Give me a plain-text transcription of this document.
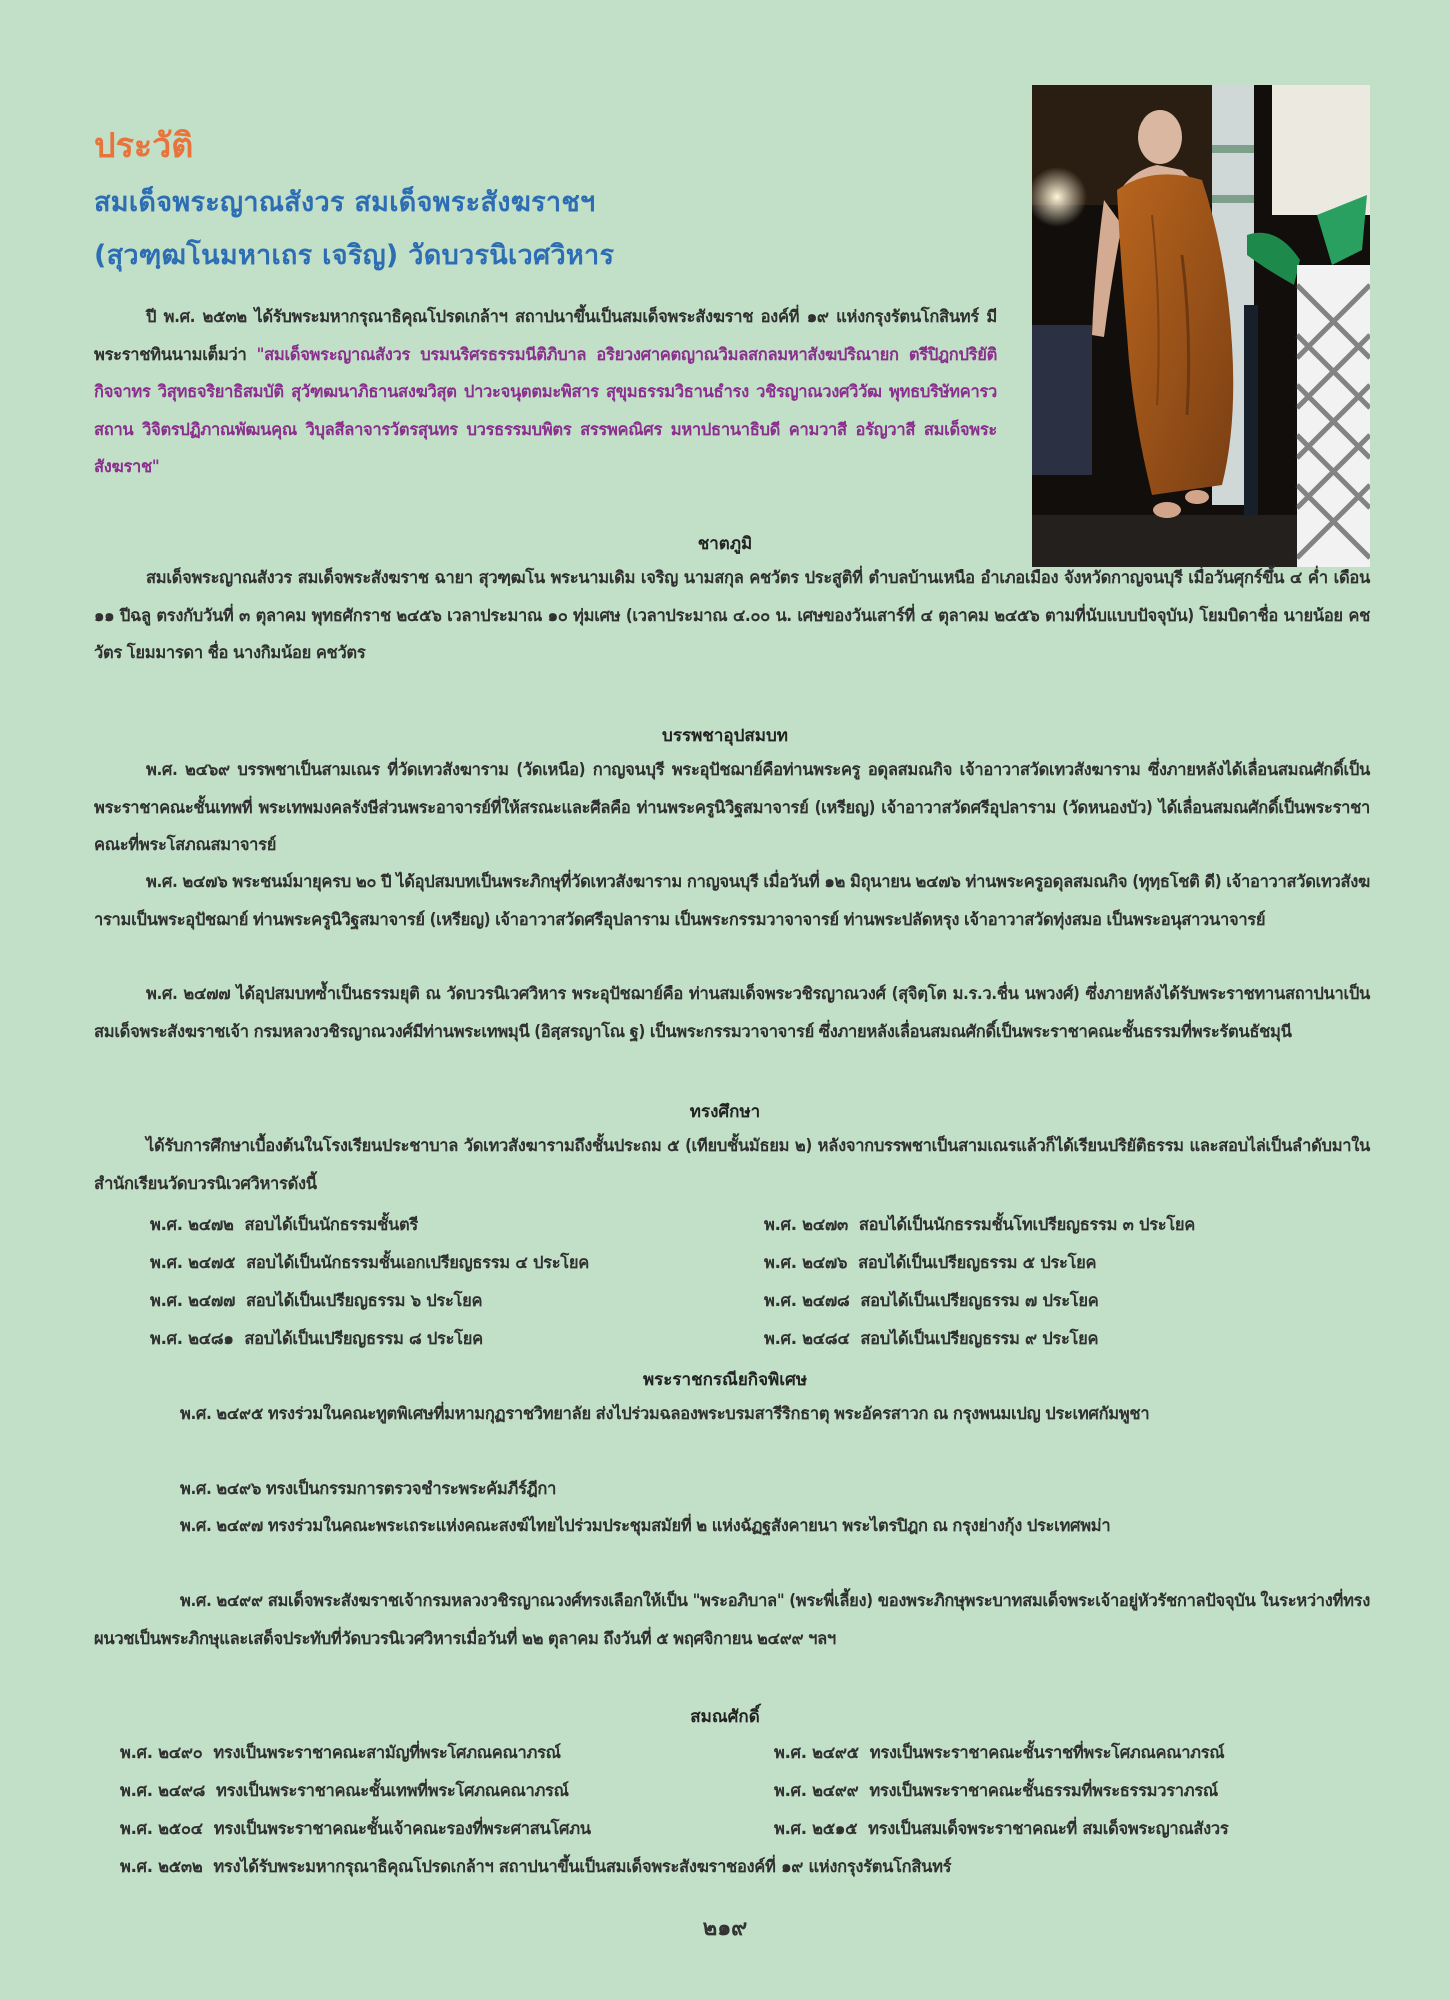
ประวัติ
สมเด็จพระญาณสังวร สมเด็จพระสังฆราชฯ
(สุวฑฺฒโนมหาเถร เจริญ) วัดบวรนิเวศวิหาร
ปี พ.ศ. ๒๕๓๒ ได้รับพระมหากรุณาธิคุณโปรดเกล้าฯ สถาปนาขึ้นเป็นสมเด็จพระสังฆราช องค์ที่ ๑๙ แห่งกรุงรัตนโกสินทร์ มีพระราชทินนามเต็มว่า "สมเด็จพระญาณสังวร บรมนริศรธรรมนีติภิบาล อริยวงศาคตญาณวิมลสกลมหาสังฆปริณายก ตรีปิฎกปริยัติกิจจาทร วิสุทธจริยาธิสมบัติ สุวัฑฒนาภิธานสงฆวิสุต ปาวะจนุตตมะพิสาร สุขุมธรรมวิธานธำรง วชิรญาณวงศวิวัฒ พุทธบริษัทคารวสถาน วิจิตรปฏิภาณพัฒนคุณ วิบุลสีลาจารวัตรสุนทร บวรธรรมบพิตร สรรพคณิศร มหาปธานาธิบดี คามวาสี อรัญวาสี สมเด็จพระสังฆราช"
ชาตภูมิ
สมเด็จพระญาณสังวร สมเด็จพระสังฆราช ฉายา สุวฑฺฒโน พระนามเดิม เจริญ นามสกุล คชวัตร ประสูติที่ ตำบลบ้านเหนือ อำเภอเมือง จังหวัดกาญจนบุรี เมื่อวันศุกร์ขึ้น ๔ ค่ำ เดือน ๑๑ ปีฉลู ตรงกับวันที่ ๓ ตุลาคม พุทธศักราช ๒๔๕๖ เวลาประมาณ ๑๐ ทุ่มเศษ (เวลาประมาณ ๔.๐๐ น. เศษของวันเสาร์ที่ ๔ ตุลาคม ๒๔๕๖ ตามที่นับแบบปัจจุบัน) โยมบิดาชื่อ นายน้อย คชวัตร โยมมารดา ชื่อ นางกิมน้อย คชวัตร
บรรพชาอุปสมบท
พ.ศ. ๒๔๖๙ บรรพชาเป็นสามเณร ที่วัดเทวสังฆาราม (วัดเหนือ) กาญจนบุรี พระอุปัชฌาย์คือท่านพระครู อดุลสมณกิจ เจ้าอาวาสวัดเทวสังฆาราม ซึ่งภายหลังได้เลื่อนสมณศักดิ์เป็น พระราชาคณะชั้นเทพที่ พระเทพมงคลรังษีส่วนพระอาจารย์ที่ให้สรณะและศีลคือ ท่านพระครูนิวิฐสมาจารย์ (เหรียญ) เจ้าอาวาสวัดศรีอุปลาราม (วัดหนองบัว) ได้เลื่อนสมณศักดิ์เป็นพระราชาคณะที่พระโสภณสมาจารย์
พ.ศ. ๒๔๗๖ พระชนม์มายุครบ ๒๐ ปี ได้อุปสมบทเป็นพระภิกษุที่วัดเทวสังฆาราม กาญจนบุรี เมื่อวันที่ ๑๒ มิถุนายน ๒๔๗๖ ท่านพระครูอดุลสมณกิจ (ทุทฺธโชติ ดี) เจ้าอาวาสวัดเทวสังฆารามเป็นพระอุปัชฌาย์ ท่านพระครูนิวิฐสมาจารย์ (เหรียญ) เจ้าอาวาสวัดศรีอุปลาราม เป็นพระกรรมวาจาจารย์ ท่านพระปลัดหรุง เจ้าอาวาสวัดทุ่งสมอ เป็นพระอนุสาวนาจารย์
พ.ศ. ๒๔๗๗ ได้อุปสมบทซ้ำเป็นธรรมยุติ ณ วัดบวรนิเวศวิหาร พระอุปัชฌาย์คือ ท่านสมเด็จพระวชิรญาณวงศ์ (สุจิตฺโต ม.ร.ว.ชื่น นพวงศ์) ซึ่งภายหลังได้รับพระราชทานสถาปนาเป็นสมเด็จพระสังฆราชเจ้า กรมหลวงวชิรญาณวงศ์มีท่านพระเทพมุนี (อิสฺสรญาโณ ฐ) เป็นพระกรรมวาจาจารย์ ซึ่งภายหลังเลื่อนสมณศักดิ์เป็นพระราชาคณะชั้นธรรมที่พระรัตนธัชมุนี
ทรงศึกษา
ได้รับการศึกษาเบื้องต้นในโรงเรียนประชาบาล วัดเทวสังฆารามถึงชั้นประถม ๕ (เทียบชั้นมัธยม ๒) หลังจากบรรพชาเป็นสามเณรแล้วก็ได้เรียนปริยัติธรรม และสอบไล่เป็นลำดับมาในสำนักเรียนวัดบวรนิเวศวิหารดังนี้
พ.ศ. ๒๔๗๒ สอบได้เป็นนักธรรมชั้นตรี	พ.ศ. ๒๔๗๓ สอบได้เป็นนักธรรมชั้นโทเปรียญธรรม ๓ ประโยค
พ.ศ. ๒๔๗๕ สอบได้เป็นนักธรรมชั้นเอกเปรียญธรรม ๔ ประโยค	พ.ศ. ๒๔๗๖ สอบได้เป็นเปรียญธรรม ๕ ประโยค
พ.ศ. ๒๔๗๗ สอบได้เป็นเปรียญธรรม ๖ ประโยค	พ.ศ. ๒๔๗๘ สอบได้เป็นเปรียญธรรม ๗ ประโยค
พ.ศ. ๒๔๘๑ สอบได้เป็นเปรียญธรรม ๘ ประโยค	พ.ศ. ๒๔๘๔ สอบได้เป็นเปรียญธรรม ๙ ประโยค
พระราชกรณียกิจพิเศษ
พ.ศ. ๒๔๙๕ ทรงร่วมในคณะทูตพิเศษที่มหามกุฏราชวิทยาลัย ส่งไปร่วมฉลองพระบรมสารีริกธาตุ พระอัครสาวก ณ กรุงพนมเปญ ประเทศกัมพูชา
พ.ศ. ๒๔๙๖ ทรงเป็นกรรมการตรวจชำระพระคัมภีร์ฎีกา
พ.ศ. ๒๔๙๗ ทรงร่วมในคณะพระเถระแห่งคณะสงฆ์ไทยไปร่วมประชุมสมัยที่ ๒ แห่งฉัฏฐสังคายนา พระไตรปิฎก ณ กรุงย่างกุ้ง ประเทศพม่า
พ.ศ. ๒๔๙๙ สมเด็จพระสังฆราชเจ้ากรมหลวงวชิรญาณวงศ์ทรงเลือกให้เป็น "พระอภิบาล" (พระพี่เลี้ยง) ของพระภิกษุพระบาทสมเด็จพระเจ้าอยู่หัวรัชกาลปัจจุบัน ในระหว่างที่ทรงผนวชเป็นพระภิกษุและเสด็จประทับที่วัดบวรนิเวศวิหารเมื่อวันที่ ๒๒ ตุลาคม ถึงวันที่ ๕ พฤศจิกายน ๒๔๙๙ ฯลฯ
สมณศักดิ์
พ.ศ. ๒๔๙๐ ทรงเป็นพระราชาคณะสามัญที่พระโศภณคณาภรณ์	พ.ศ. ๒๔๙๕ ทรงเป็นพระราชาคณะชั้นราชที่พระโศภณคณาภรณ์
พ.ศ. ๒๔๙๘ ทรงเป็นพระราชาคณะชั้นเทพที่พระโศภณคณาภรณ์	พ.ศ. ๒๔๙๙ ทรงเป็นพระราชาคณะชั้นธรรมที่พระธรรมวราภรณ์
พ.ศ. ๒๕๐๔ ทรงเป็นพระราชาคณะชั้นเจ้าคณะรองที่พระศาสนโศภน	พ.ศ. ๒๕๑๕ ทรงเป็นสมเด็จพระราชาคณะที่ สมเด็จพระญาณสังวร
พ.ศ. ๒๕๓๒ ทรงได้รับพระมหากรุณาธิคุณโปรดเกล้าฯ สถาปนาขึ้นเป็นสมเด็จพระสังฆราชองค์ที่ ๑๙ แห่งกรุงรัตนโกสินทร์
๒๑๙
